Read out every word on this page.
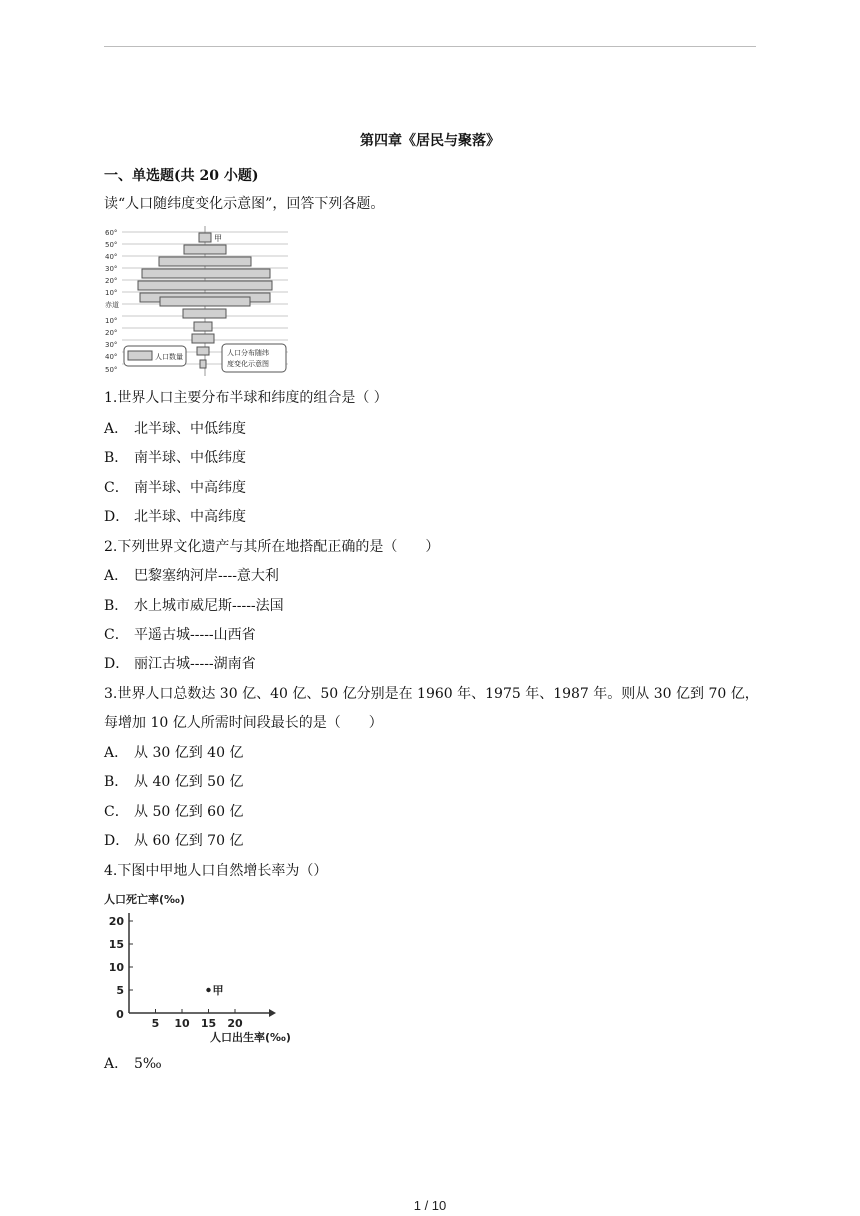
第四章《居民与聚落》
一、单选题(共 20 小题)
读“人口随纬度变化示意图”，回答下列各题。
甲
60°
50°
40°
30°
20°
10°
赤道
10°
20°
30°
40°
50°
人口数量	人口分布随纬
度变化示意图
1.世界人口主要分布半球和纬度的组合是（ ）
A． 北半球、中低纬度
B． 南半球、中低纬度
C． 南半球、中高纬度
D． 北半球、中高纬度
2.下列世界文化遗产与其所在地搭配正确的是（　　）
A． 巴黎塞纳河岸----意大利
B． 水上城市威尼斯-----法国
C． 平遥古城-----山西省
D． 丽江古城-----湖南省
3.世界人口总数达 30 亿、40 亿、50 亿分别是在 1960 年、1975 年、1987 年。则从 30 亿到 70 亿，
每增加 10 亿人所需时间段最长的是（　　）
A． 从 30 亿到 40 亿
B． 从 40 亿到 50 亿
C． 从 50 亿到 60 亿
D． 从 60 亿到 70 亿
4.下图中甲地人口自然增长率为（）
人口死亡率(‰)
20
15
10
5
5 10 15 20
0
甲
人口出生率(‰)
A． 5‰
1 / 10
